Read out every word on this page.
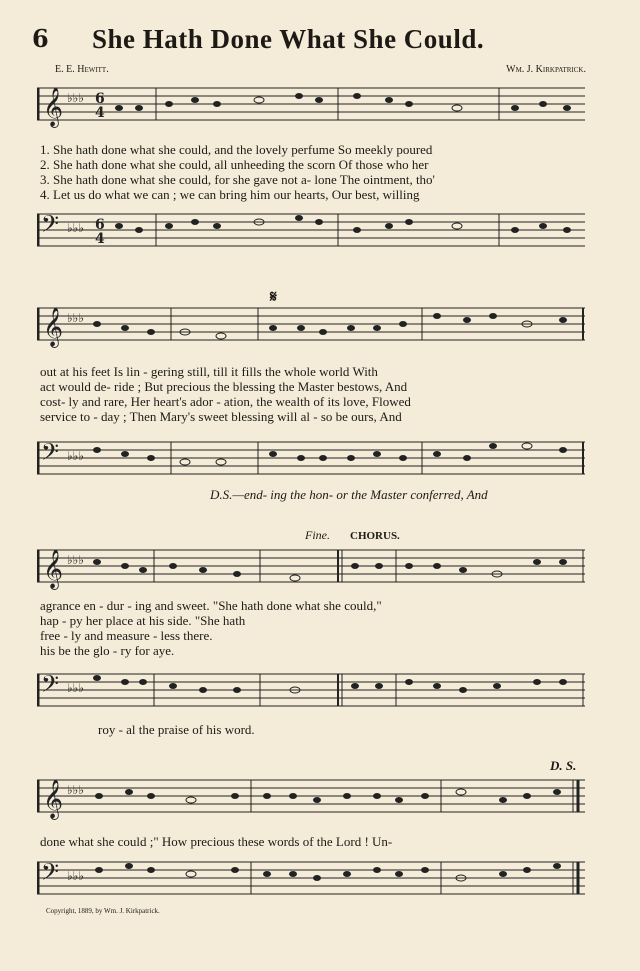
6 She Hath Done What She Could.
E. E. Hewitt.	Wm. J. Kirkpatrick.
𝄞 ♭♭♭ 6
4
𝄢 ♭♭♭ 6
4
1. She hath done what she could, and the lovely perfume So meekly poured
2. She hath done what she could, all unheeding the scorn Of those who her
3. She hath done what she could, for she gave not a- lone The ointment, tho'
4. Let us do what we can ; we can bring him our hearts, Our best, willing
𝄋
𝄞 ♭♭♭
𝄢 ♭♭♭
out at his feet Is lin - gering still, till it fills the whole world With
act would de- ride ; But precious the blessing the Master bestows, And
cost- ly and rare, Her heart's ador - ation, the wealth of its love, Flowed
service to - day ; Then Mary's sweet blessing will al - so be ours, And
D.S.—end- ing the hon- or the Master conferred, And
Fine. CHORUS.
𝄞 ♭♭♭
𝄢 ♭♭♭
agrance en - dur - ing and sweet. "She hath done what she could,"
hap - py her place at his side. "She hath
free - ly and measure - less there.
his be the glo - ry for aye.
roy - al the praise of his word.
D. S.
𝄞 ♭♭♭
𝄢 ♭♭♭
done what she could ;" How precious these words of the Lord ! Un-
Copyright, 1889, by Wm. J. Kirkpatrick.
